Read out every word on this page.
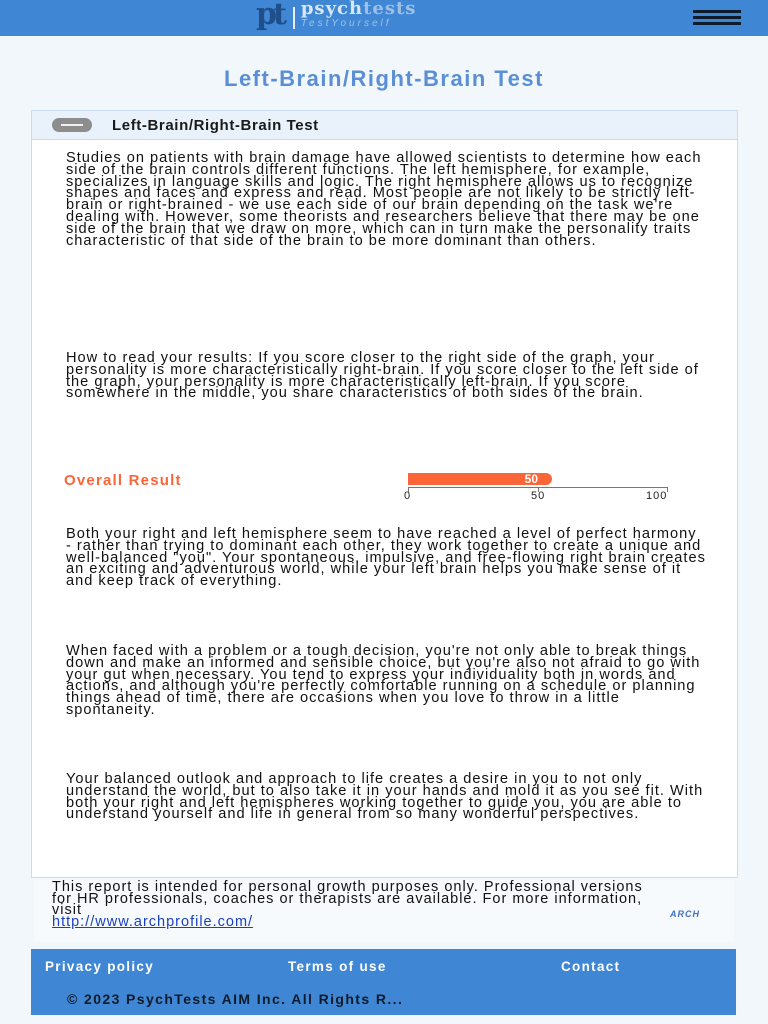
pt psychtests
TestYourself
Left-Brain/Right-Brain Test
Left-Brain/Right-Brain Test

Studies on patients with brain damage have allowed scientists to determine how each side of the brain controls different functions. The left hemisphere, for example, specializes in language skills and logic. The right hemisphere allows us to recognize shapes and faces and express and read. Most people are not likely to be strictly left-brain or right-brained - we use each side of our brain depending on the task we're dealing with. However, some theorists and researchers believe that there may be one side of the brain that we draw on more, which can in turn make the personality traits characteristic of that side of the brain to be more dominant than others.

How to read your results: If you score closer to the right side of the graph, your personality is more characteristically right-brain. If you score closer to the left side of the graph, your personality is more characteristically left-brain. If you score somewhere in the middle, you share characteristics of both sides of the brain.

Both your right and left hemisphere seem to have reached a level of perfect harmony - rather than trying to dominant each other, they work together to create a unique and well-balanced "you". Your spontaneous, impulsive, and free-flowing right brain creates an exciting and adventurous world, while your left brain helps you make sense of it and keep track of everything.

When faced with a problem or a tough decision, you're not only able to break things down and make an informed and sensible choice, but you're also not afraid to go with your gut when necessary. You tend to express your individuality both in words and actions, and although you're perfectly comfortable running on a schedule or planning things ahead of time, there are occasions when you love to throw in a little spontaneity.

Your balanced outlook and approach to life creates a desire in you to not only understand the world, but to also take it in your hands and mold it as you see fit. With both your right and left hemispheres working together to guide you, you are able to understand yourself and life in general from so many wonderful perspectives.

Overall Result	50
0	50	100

This report is intended for personal growth purposes only. Professional versions for HR professionals, coaches or therapists are available. For more information, visit
http://www.archprofile.com/	ARCH
Privacy policy	Terms of use	Contact
© 2023 PsychTests AIM Inc. All Rights R...
